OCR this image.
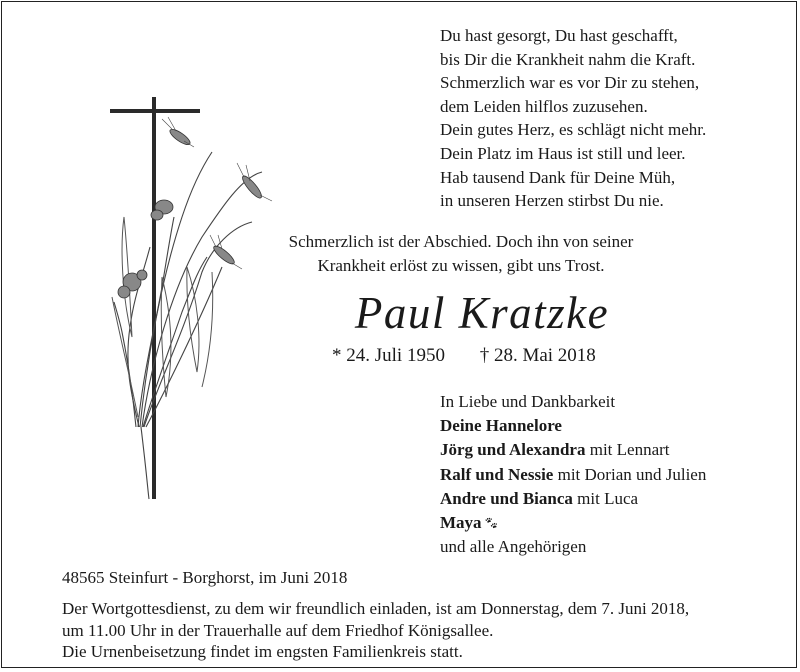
Du hast gesorgt, Du hast geschafft,
bis Dir die Krankheit nahm die Kraft.
Schmerzlich war es vor Dir zu stehen,
dem Leiden hilflos zuzusehen.
Dein gutes Herz, es schlägt nicht mehr.
Dein Platz im Haus ist still und leer.
Hab tausend Dank für Deine Müh,
in unseren Herzen stirbst Du nie.
Schmerzlich ist der Abschied. Doch ihn von seiner
Krankheit erlöst zu wissen, gibt uns Trost.
Paul Kratzke
* 24. Juli 1950 † 28. Mai 2018
In Liebe und Dankbarkeit
Deine Hannelore
Jörg und Alexandra mit Lennart
Ralf und Nessie mit Dorian und Julien
Andre und Bianca mit Luca
Maya 🐾︎
und alle Angehörigen
48565 Steinfurt - Borghorst, im Juni 2018
Der Wortgottesdienst, zu dem wir freundlich einladen, ist am Donnerstag, dem 7. Juni 2018,
um 11.00 Uhr in der Trauerhalle auf dem Friedhof Königsallee.
Die Urnenbeisetzung findet im engsten Familienkreis statt.
